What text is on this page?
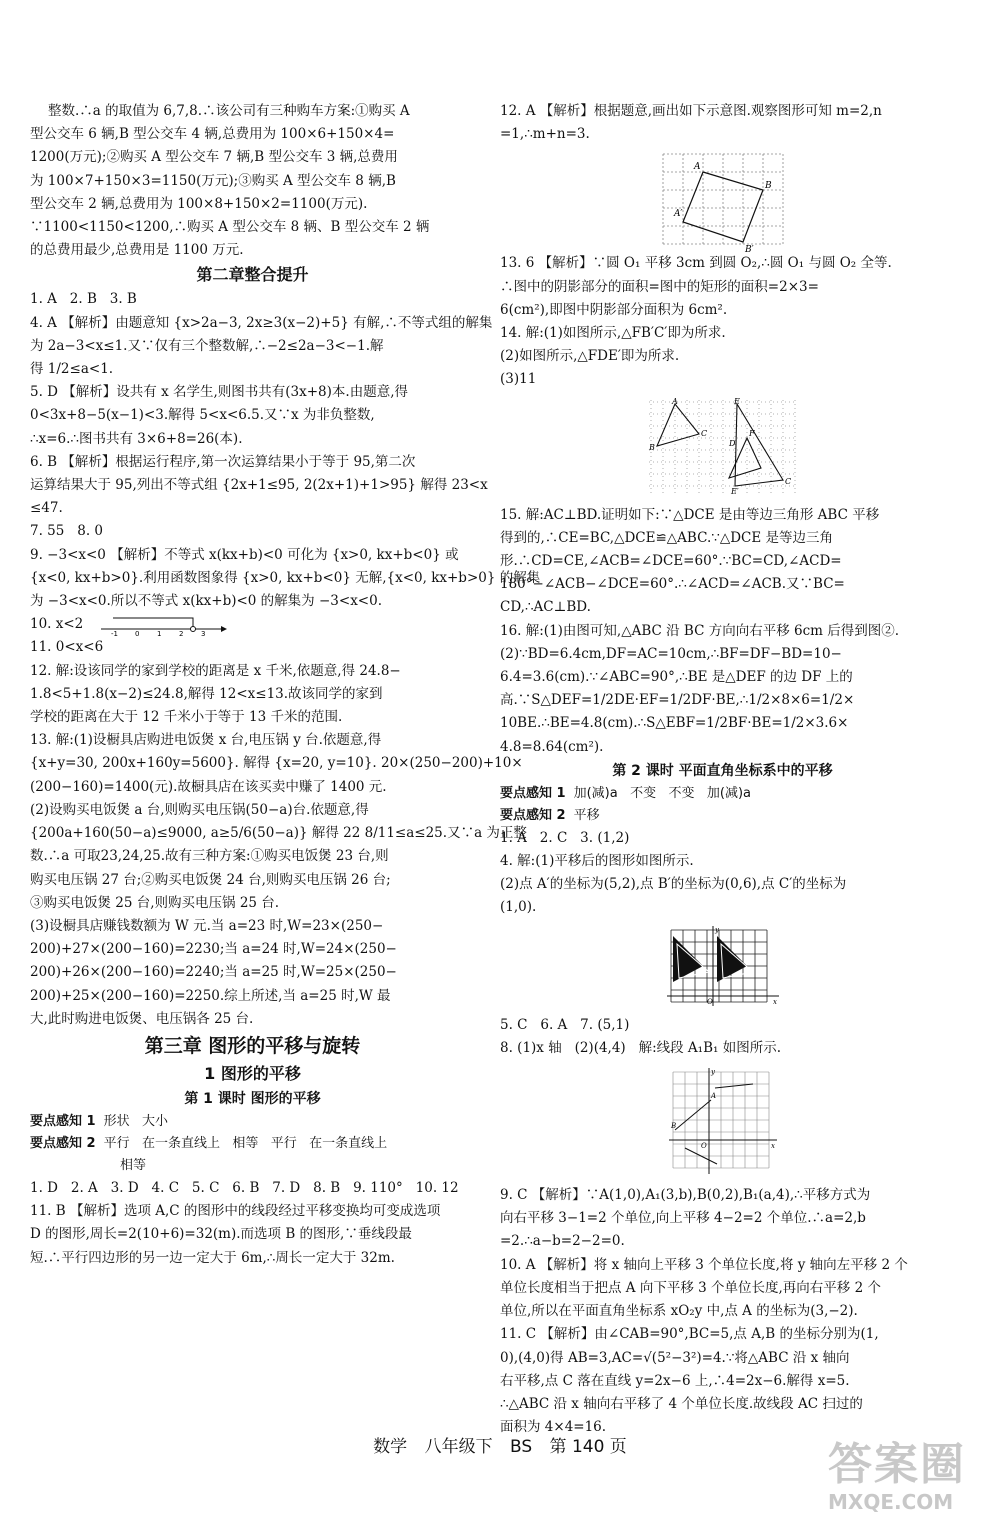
整数.∴a 的取值为 6,7,8.∴该公司有三种购车方案:①购买 A
型公交车 6 辆,B 型公交车 4 辆,总费用为 100×6+150×4=
1200(万元);②购买 A 型公交车 7 辆,B 型公交车 3 辆,总费用
为 100×7+150×3=1150(万元);③购买 A 型公交车 8 辆,B
型公交车 2 辆,总费用为 100×8+150×2=1100(万元).
∵1100<1150<1200,∴购买 A 型公交车 8 辆、B 型公交车 2 辆
的总费用最少,总费用是 1100 万元.
第二章整合提升
1. A   2. B   3. B
4. A 【解析】由题意知 {x>2a−3, 2x≥3(x−2)+5} 有解,∴不等式组的解集
为 2a−3<x≤1.又∵仅有三个整数解,∴−2≤2a−3<−1.解
得 1/2≤a<1.
5. D 【解析】设共有 x 名学生,则图书共有(3x+8)本.由题意,得
0<3x+8−5(x−1)<3.解得 5<x<6.5.又∵x 为非负整数,
∴x=6.∴图书共有 3×6+8=26(本).
6. B 【解析】根据运行程序,第一次运算结果小于等于 95,第二次
运算结果大于 95,列出不等式组 {2x+1≤95, 2(2x+1)+1>95} 解得 23<x
≤47.
7. 55   8. 0
9. −3<x<0 【解析】不等式 x(kx+b)<0 可化为 {x>0, kx+b<0} 或
{x<0, kx+b>0}.利用函数图象得 {x>0, kx+b<0} 无解,{x<0, kx+b>0} 的解集
为 −3<x<0.所以不等式 x(kx+b)<0 的解集为 −3<x<0.
10. x<2
-1 0	1	2	3
11. 0<x<6
12. 解:设该同学的家到学校的距离是 x 千米,依题意,得 24.8−
1.8<5+1.8(x−2)≤24.8,解得 12<x≤13.故该同学的家到
学校的距离在大于 12 千米小于等于 13 千米的范围.
13. 解:(1)设橱具店购进电饭煲 x 台,电压锅 y 台.依题意,得
{x+y=30, 200x+160y=5600}. 解得 {x=20, y=10}. 20×(250−200)+10×
(200−160)=1400(元).故橱具店在该买卖中赚了 1400 元.
(2)设购买电饭煲 a 台,则购买电压锅(50−a)台.依题意,得
{200a+160(50−a)≤9000, a≥5/6(50−a)} 解得 22 8/11≤a≤25.又∵a 为正整
数.∴a 可取23,24,25.故有三种方案:①购买电饭煲 23 台,则
购买电压锅 27 台;②购买电饭煲 24 台,则购买电压锅 26 台;
③购买电饭煲 25 台,则购买电压锅 25 台.
(3)设橱具店赚钱数额为 W 元.当 a=23 时,W=23×(250−
200)+27×(200−160)=2230;当 a=24 时,W=24×(250−
200)+26×(200−160)=2240;当 a=25 时,W=25×(250−
200)+25×(200−160)=2250.综上所述,当 a=25 时,W 最
大,此时购进电饭煲、电压锅各 25 台.
第三章 图形的平移与旋转
1 图形的平移
第 1 课时 图形的平移
要点感知 1 形状   大小
要点感知 2 平行   在一条直线上   相等   平行   在一条直线上
相等
1. D   2. A   3. D   4. C   5. C   6. B   7. D   8. B   9. 110°   10. 12
11. B 【解析】选项 A,C 的图形中的线段经过平移变换均可变成选项
D 的图形,周长=2(10+6)=32(m).而选项 B 的图形,∵垂线段最
短.∴平行四边形的另一边一定大于 6m,∴周长一定大于 32m.
12. A 【解析】根据题意,画出如下示意图.观察图形可知 m=2,n
=1,∴m+n=3.
A
A′
B
B′
13. 6 【解析】∵圆 O₁ 平移 3cm 到圆 O₂,∴圆 O₁ 与圆 O₂ 全等.
∴图中的阴影部分的面积=图中的矩形的面积=2×3=
6(cm²),即图中阴影部分面积为 6cm².
14. 解:(1)如图所示,△FB′C′即为所求.
(2)如图所示,△FDE′即为所求.
(3)11
A
B
C
E
D
F
E′
C
15. 解:AC⊥BD.证明如下:∵△DCE 是由等边三角形 ABC 平移
得到的,∴CE=BC,△DCE≌△ABC.∵△DCE 是等边三角
形.∴CD=CE,∠ACB=∠DCE=60°.∵BC=CD,∠ACD=
180°−∠ACB−∠DCE=60°.∴∠ACD=∠ACB.又∵BC=
CD,∴AC⊥BD.
16. 解:(1)由图可知,△ABC 沿 BC 方向向右平移 6cm 后得到图②.
(2)∵BD=6.4cm,DF=AC=10cm,∴BF=DF−BD=10−
6.4=3.6(cm).∵∠ABC=90°,∴BE 是△DEF 的边 DF 上的
高.∵S△DEF=1/2DE·EF=1/2DF·BE,∴1/2×8×6=1/2×
10BE.∴BE=4.8(cm).∴S△EBF=1/2BF·BE=1/2×3.6×
4.8=8.64(cm²).
第 2 课时 平面直角坐标系中的平移
要点感知 1 加(减)a   不变   不变   加(减)a
要点感知 2 平移
1. A   2. C   3. (1,2)
4. 解:(1)平移后的图形如图所示.
(2)点 A′的坐标为(5,2),点 B′的坐标为(0,6),点 C′的坐标为
(1,0).
y
x
O
5. C   6. A   7. (5,1)
8. (1)x 轴   (2)(4,4)   解:线段 A₁B₁ 如图所示.
y
x
O
A
B
9. C 【解析】∵A(1,0),A₁(3,b),B(0,2),B₁(a,4),∴平移方式为
向右平移 3−1=2 个单位,向上平移 4−2=2 个单位.∴a=2,b
=2.∴a−b=2−2=0.
10. A 【解析】将 x 轴向上平移 3 个单位长度,将 y 轴向左平移 2 个
单位长度相当于把点 A 向下平移 3 个单位长度,再向右平移 2 个
单位,所以在平面直角坐标系 xO₂y 中,点 A 的坐标为(3,−2).
11. C 【解析】由∠CAB=90°,BC=5,点 A,B 的坐标分别为(1,
0),(4,0)得 AB=3,AC=√(5²−3²)=4.∵将△ABC 沿 x 轴向
右平移,点 C 落在直线 y=2x−6 上,∴4=2x−6.解得 x=5.
∴△ABC 沿 x 轴向右平移了 4 个单位长度.故线段 AC 扫过的
面积为 4×4=16.
数学 八年级下 BS 第 140 页	答案圈
MXQE.COM
